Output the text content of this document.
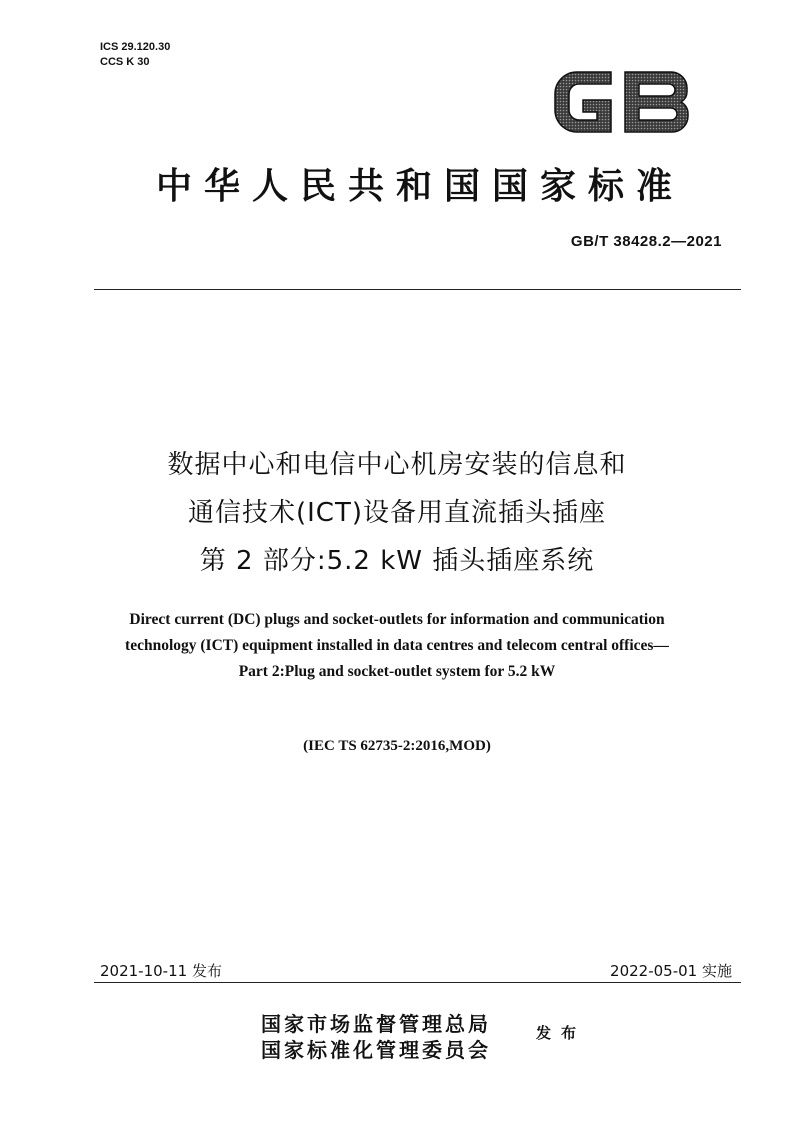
ICS 29.120.30
CCS K 30
GB
中华人民共和国国家标准
GB/T 38428.2—2021
数据中心和电信中心机房安装的信息和
通信技术(ICT)设备用直流插头插座
第 2 部分:5.2 kW 插头插座系统
Direct current (DC) plugs and socket-outlets for information and communication
technology (ICT) equipment installed in data centres and telecom central offices—
Part 2:Plug and socket-outlet system for 5.2 kW
(IEC TS 62735-2:2016,MOD)
2021-10-11 发布	2022-05-01 实施
国家市场监督管理总局
国家标准化管理委员会
发布
